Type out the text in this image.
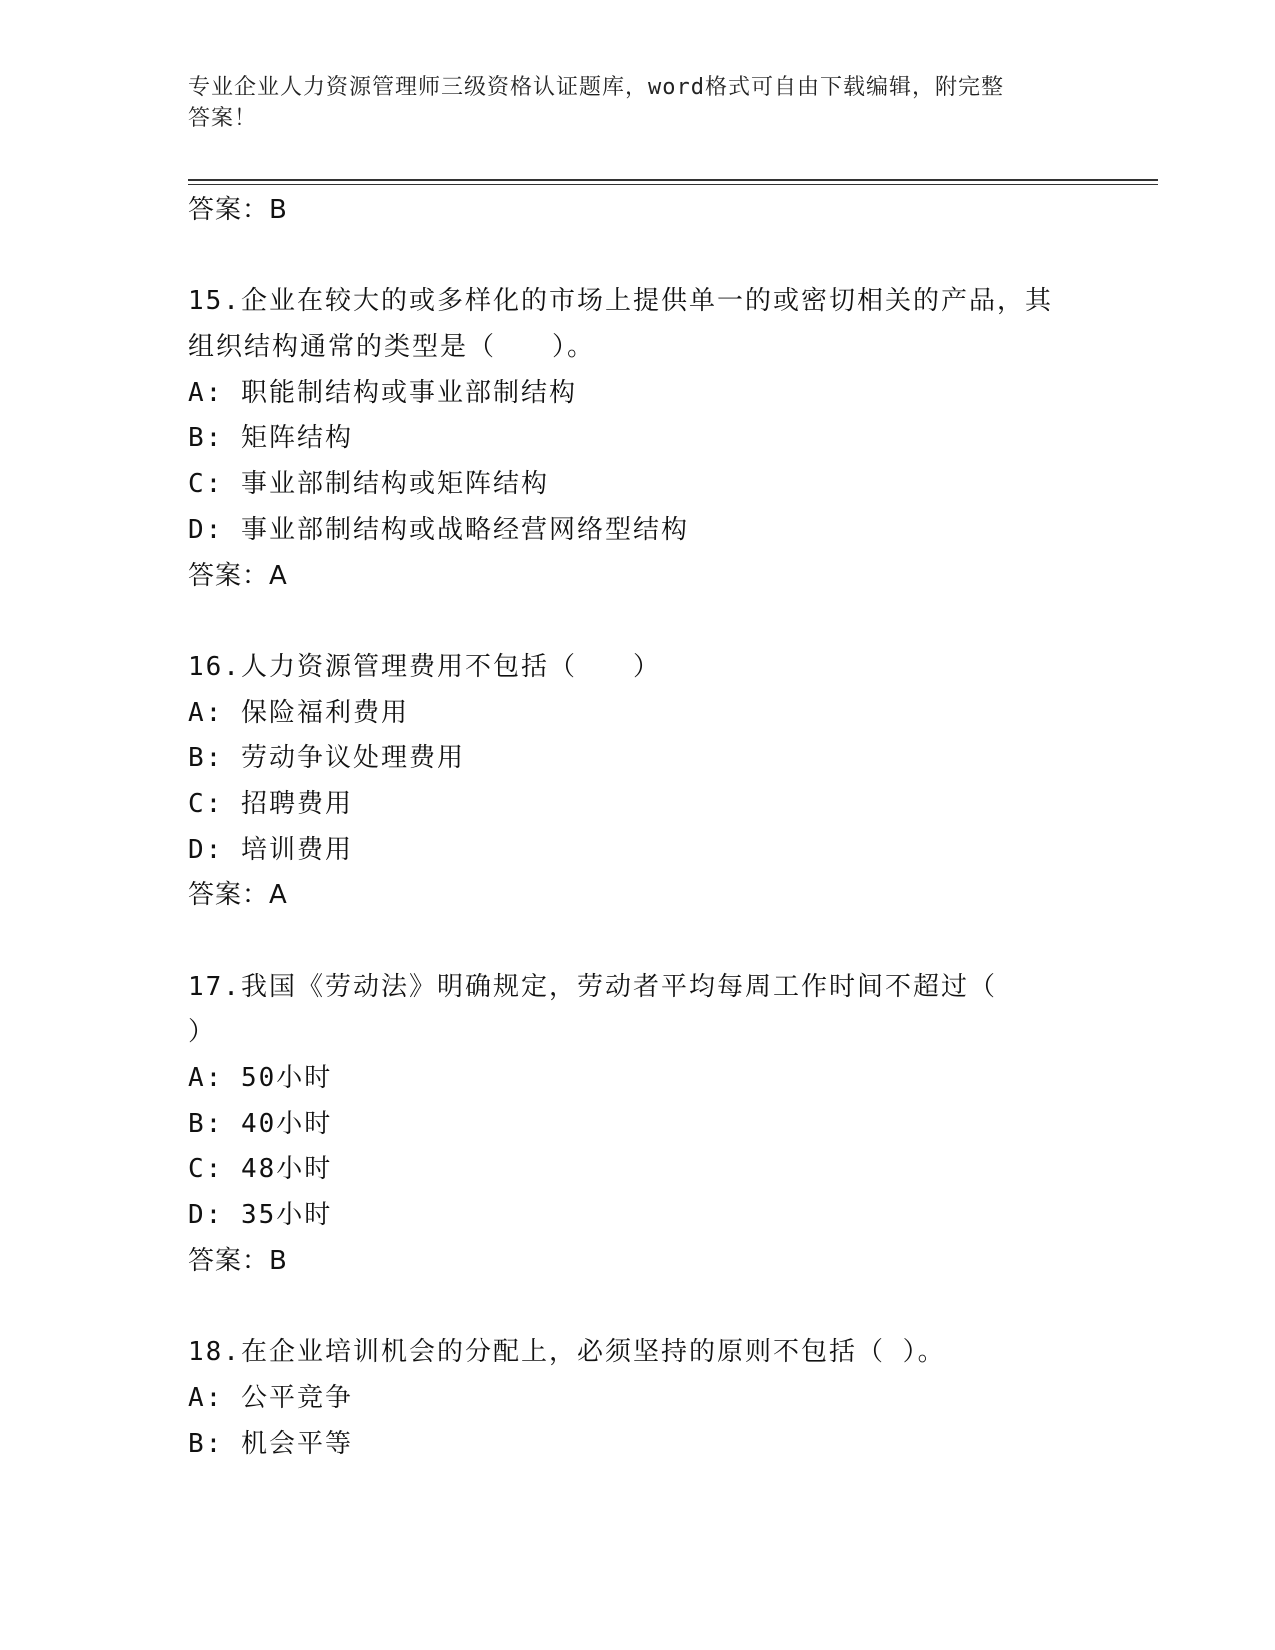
专业企业人力资源管理师三级资格认证题库，word格式可自由下载编辑，附完整
答案！
答案：B
15.企业在较大的或多样化的市场上提供单一的或密切相关的产品，其
组织结构通常的类型是（　　）。
A: 职能制结构或事业部制结构
B: 矩阵结构
C: 事业部制结构或矩阵结构
D: 事业部制结构或战略经营网络型结构
答案：A
16.人力资源管理费用不包括（　　）
A: 保险福利费用
B: 劳动争议处理费用
C: 招聘费用
D: 培训费用
答案：A
17.我国《劳动法》明确规定，劳动者平均每周工作时间不超过（
）
A: 50小时
B: 40小时
C: 48小时
D: 35小时
答案：B
18.在企业培训机会的分配上，必须坚持的原则不包括（ ）。
A: 公平竞争
B: 机会平等
